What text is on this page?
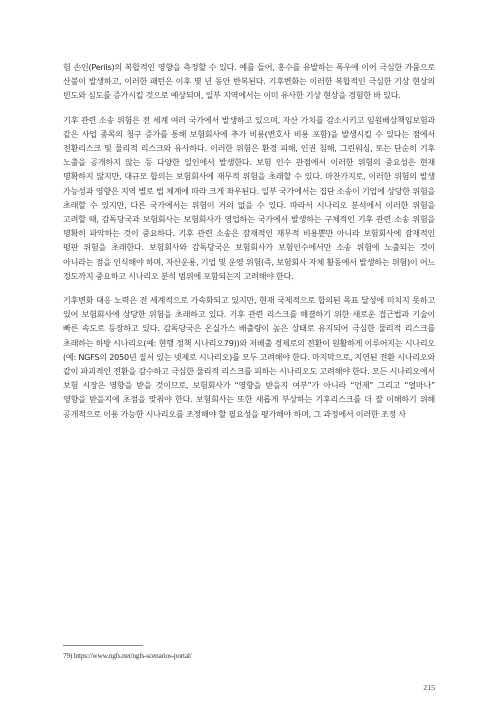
험 손인(Perils)의 복합적인 영향을 측정할 수 있다. 예를 들어, 홍수를 유발하는 폭우에 이어 극심한 가뭄으로 산불이 발생하고, 이러한 패턴은 이후 몇 년 동안 반복된다. 기후변화는 이러한 복합적인 극심한 기상 현상의 빈도와 심도를 증가시킬 것으로 예상되며, 일부 지역에서는 이미 유사한 기상 현상을 경험한 바 있다.

기후 관련 소송 위험은 전 세계 여러 국가에서 발생하고 있으며, 자산 가치를 감소시키고 임원배상책임보험과 같은 사업 종목의 청구 증가를 통해 보험회사에 추가 비용(변호사 비용 포함)을 발생시킬 수 있다는 점에서 전환리스크 및 물리적 리스크와 유사하다. 이러한 위험은 환경 피해, 인권 침해, 그린워싱, 또는 단순히 기후 노출을 공개하지 않는 등 다양한 일인에서 발생한다. 보험 인수 관점에서 이러한 위험의 중요성은 현재 명확하지 않지만, 대규모 합의는 보험회사에 재무적 위험을 초래할 수 있다. 마찬가지로, 이러한 위험의 발생 가능성과 영향은 지역 별로 법 체계에 따라 크게 좌우된다. 일부 국가에서는 집단 소송이 기업에 상당한 위험을 초래할 수 있지만, 다른 국가에서는 위험이 거의 없을 수 있다. 따라서 시나리오 분석에서 이러한 위험을 고려할 때, 감독당국과 보험회사는 보험회사가 영업하는 국가에서 발생하는 구체적인 기후 관련 소송 위험을 명확히 파악하는 것이 중요하다. 기후 관련 소송은 잠재적인 재무적 비용뿐만 아니라 보험회사에 잠재적인 평판 위험을 초래한다. 보험회사와 감독당국은 보험회사가 보험인수에서만 소송 위험에 노출되는 것이 아니라는 점을 인식해야 하며, 자산운용, 기업 및 운영 위험(즉, 보험회사 자체 활동에서 발생하는 위험)이 어느 정도까지 중요하고 시나리오 분석 범위에 포함되는지 고려해야 한다.

기후변화 대응 노력은 전 세계적으로 가속화되고 있지만, 현재 국제적으로 합의된 목표 달성에 미치지 못하고 있어 보험회사에 상당한 위험을 초래하고 있다. 기후 관련 리스크를 해결하기 위한 새로운 접근법과 기술이 빠른 속도로 등장하고 있다. 감독당국은 온실가스 배출량이 높은 상태로 유지되어 극심한 물리적 리스크를 초래하는 하방 시나리오(예: 현행 정책 시나리오79))와 저배출 경제로의 전환이 원활하게 이루어지는 시나리오(예: NGFS의 2050년 질서 있는 넷제로 시나리오)를 모두 고려해야 한다. 마지막으로, 지연된 전환 시나리오와 같이 파괴적인 전환을 감수하고 극심한 물리적 리스크를 피하는 시나리오도 고려해야 한다. 모든 시나리오에서 보험 시장은 영향을 받을 것이므로, 보험회사가 “영향을 받을지 여부”가 아니라 “언제” 그리고 “얼마나” 영향을 받을지에 초점을 맞춰야 한다. 보험회사는 또한 새롭게 부상하는 기후리스크를 더 잘 이해하기 위해 공개적으로 이용 가능한 시나리오를 조정해야 할 필요성을 평가해야 하며, 그 과정에서 이러한 조정 사

79) https://www.ngfs.net/ngfs-scenarios-portal/
215
